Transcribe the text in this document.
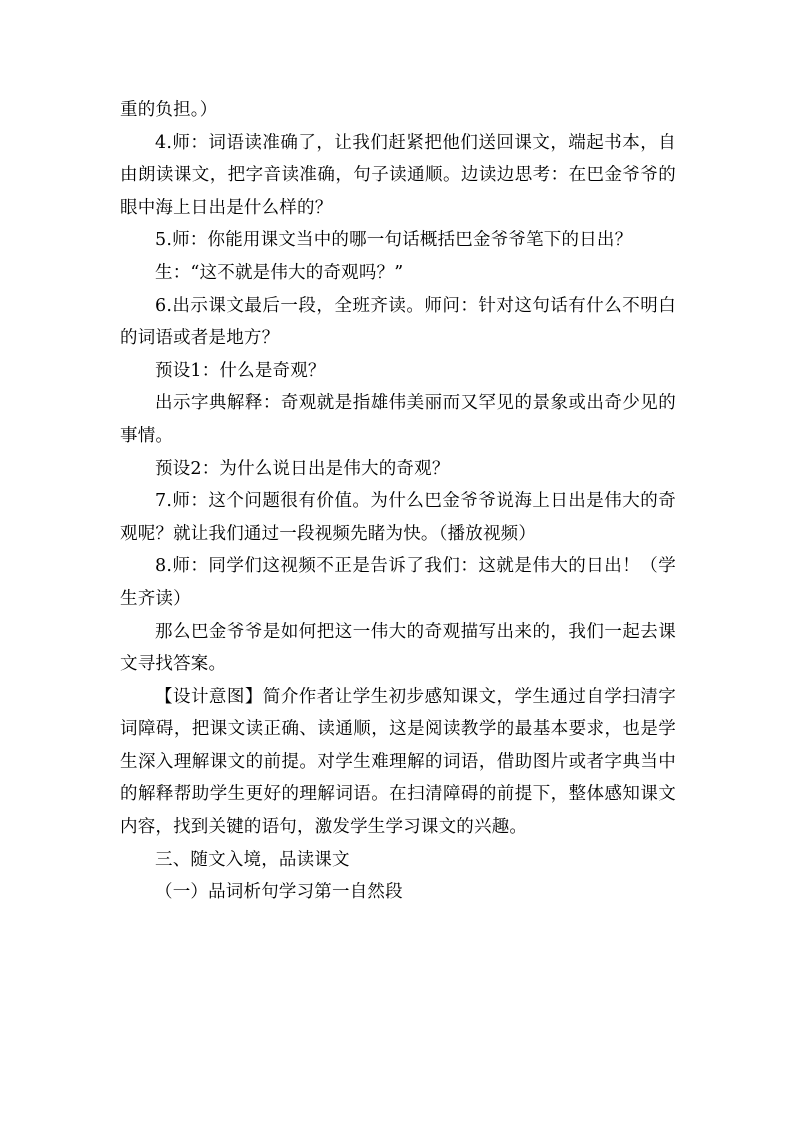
重的负担。）

4.师：词语读准确了，让我们赶紧把他们送回课文，端起书本，自由朗读课文，把字音读准确，句子读通顺。边读边思考：在巴金爷爷的眼中海上日出是什么样的？

5.师：你能用课文当中的哪一句话概括巴金爷爷笔下的日出？

生：“这不就是伟大的奇观吗？”

6.出示课文最后一段，全班齐读。师问：针对这句话有什么不明白的词语或者是地方？

预设1：什么是奇观？

出示字典解释：奇观就是指雄伟美丽而又罕见的景象或出奇少见的事情。

预设2：为什么说日出是伟大的奇观？

7.师：这个问题很有价值。为什么巴金爷爷说海上日出是伟大的奇观呢？就让我们通过一段视频先睹为快。（播放视频）

8.师：同学们这视频不正是告诉了我们：这就是伟大的日出！（学生齐读）

那么巴金爷爷是如何把这一伟大的奇观描写出来的，我们一起去课文寻找答案。

【设计意图】简介作者让学生初步感知课文，学生通过自学扫清字词障碍，把课文读正确、读通顺，这是阅读教学的最基本要求，也是学生深入理解课文的前提。对学生难理解的词语，借助图片或者字典当中的解释帮助学生更好的理解词语。在扫清障碍的前提下，整体感知课文内容，找到关键的语句，激发学生学习课文的兴趣。

三、随文入境，品读课文

（一）品词析句学习第一自然段
